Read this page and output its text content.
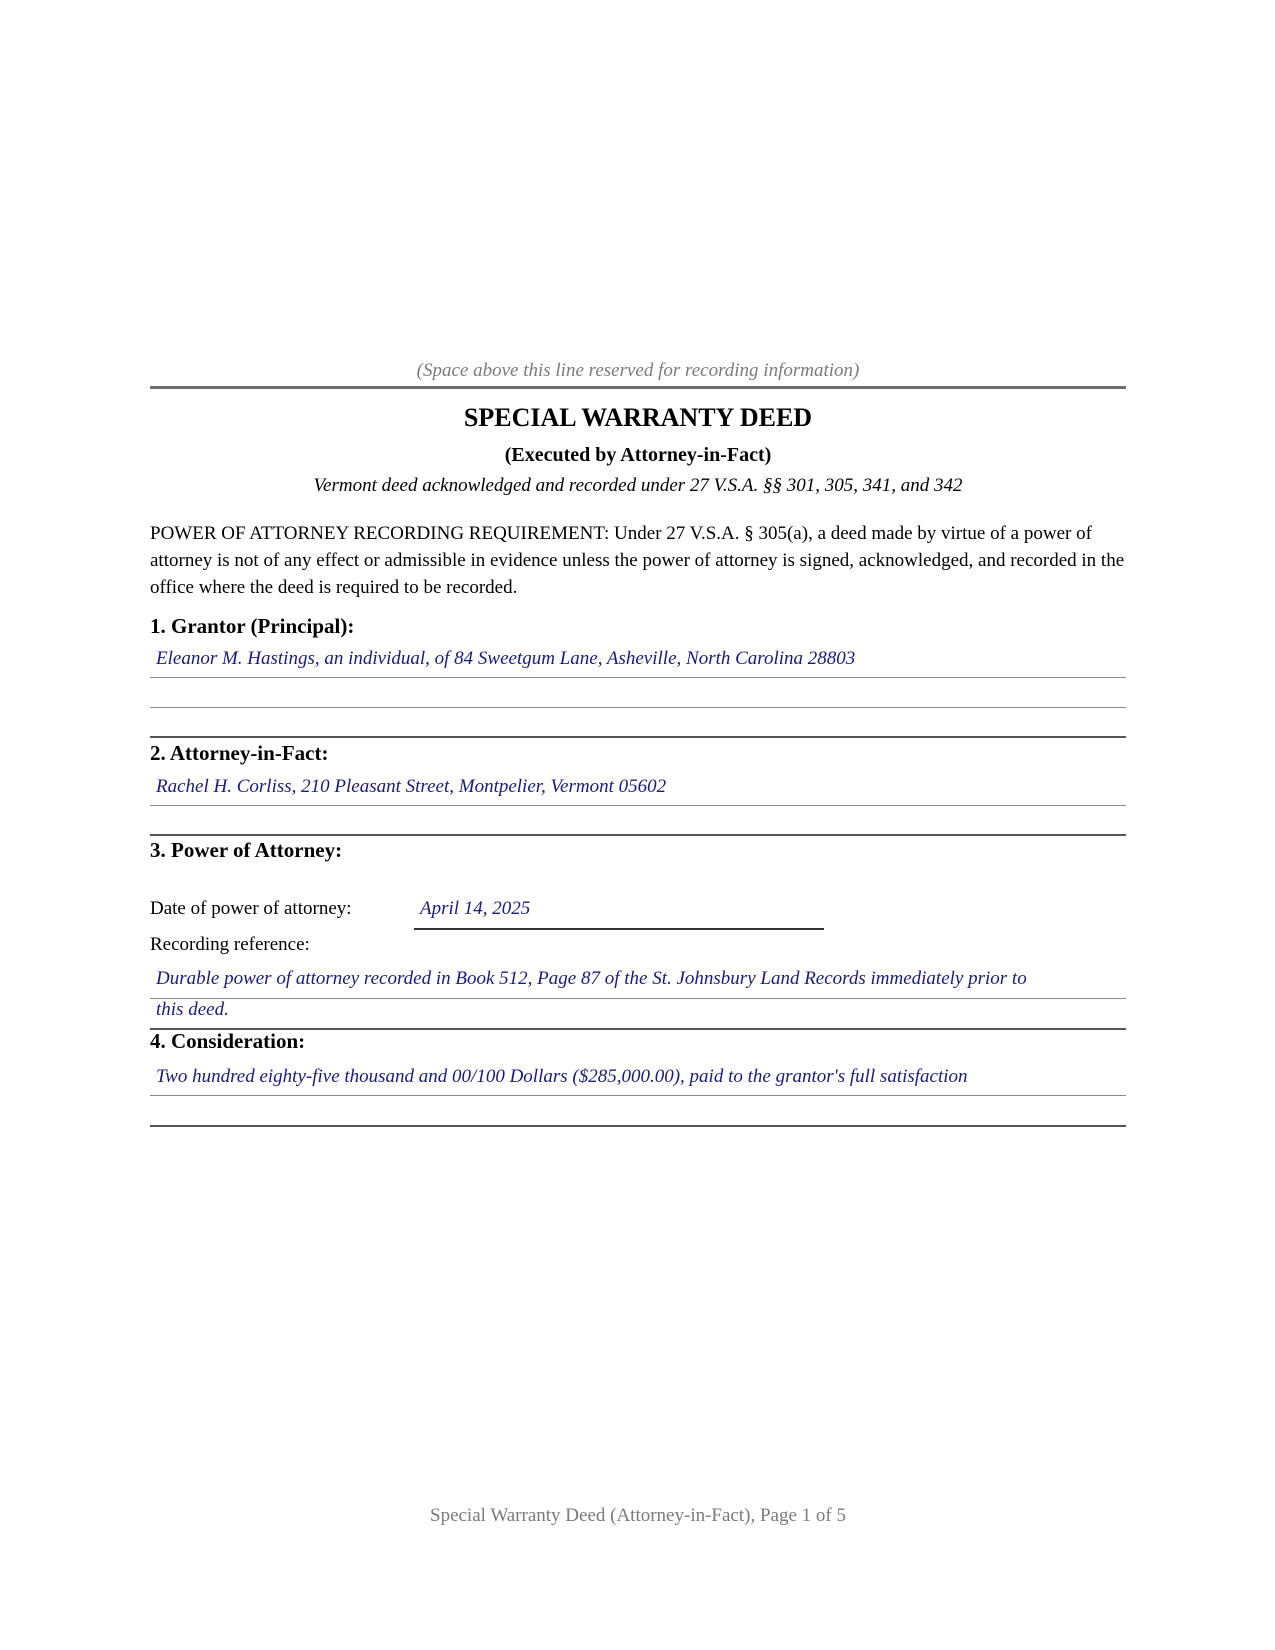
(Space above this line reserved for recording information)
SPECIAL WARRANTY DEED
(Executed by Attorney-in-Fact)
Vermont deed acknowledged and recorded under 27 V.S.A. §§ 301, 305, 341, and 342
POWER OF ATTORNEY RECORDING REQUIREMENT: Under 27 V.S.A. § 305(a), a deed made by virtue of a power of attorney is not of any effect or admissible in evidence unless the power of attorney is signed, acknowledged, and recorded in the office where the deed is required to be recorded.
1. Grantor (Principal):
Eleanor M. Hastings, an individual, of 84 Sweetgum Lane, Asheville, North Carolina 28803
2. Attorney-in-Fact:
Rachel H. Corliss, 210 Pleasant Street, Montpelier, Vermont 05602
3. Power of Attorney:
Date of power of attorney:	April 14, 2025
Recording reference:
Durable power of attorney recorded in Book 512, Page 87 of the St. Johnsbury Land Records immediately prior to
this deed.
4. Consideration:
Two hundred eighty-five thousand and 00/100 Dollars ($285,000.00), paid to the grantor's full satisfaction
Special Warranty Deed (Attorney-in-Fact), Page 1 of 5
